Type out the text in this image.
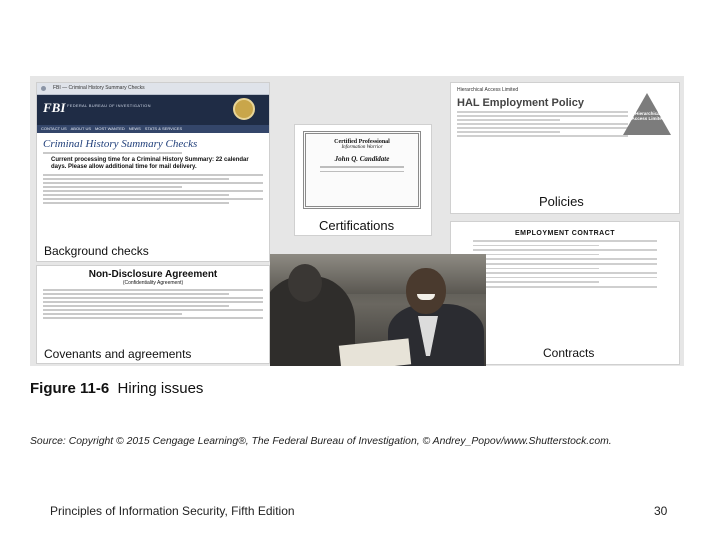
FBI — Criminal History Summary Checks
FBI FEDERAL BUREAU OF INVESTIGATION
CONTACT US ABOUT US MOST WANTED NEWS STATS & SERVICES
Criminal History Summary Checks
Current processing time for a Criminal History Summary: 22 calendar days. Please allow additional time for mail delivery.
Background checks
Non-Disclosure Agreement
(Confidentiality Agreement)
Covenants and agreements
Certified Professional
Information Warrior
John Q. Candidate
Certifications
Hierarchical Access Limited
HAL Employment Policy
Hierarchical Access Limited
Policies
EMPLOYMENT CONTRACT
Contracts
Figure 11-6 Hiring issues
Source: Copyright © 2015 Cengage Learning®, The Federal Bureau of Investigation, © Andrey_Popov/www.Shutterstock.com.
Principles of Information Security, Fifth Edition	30
